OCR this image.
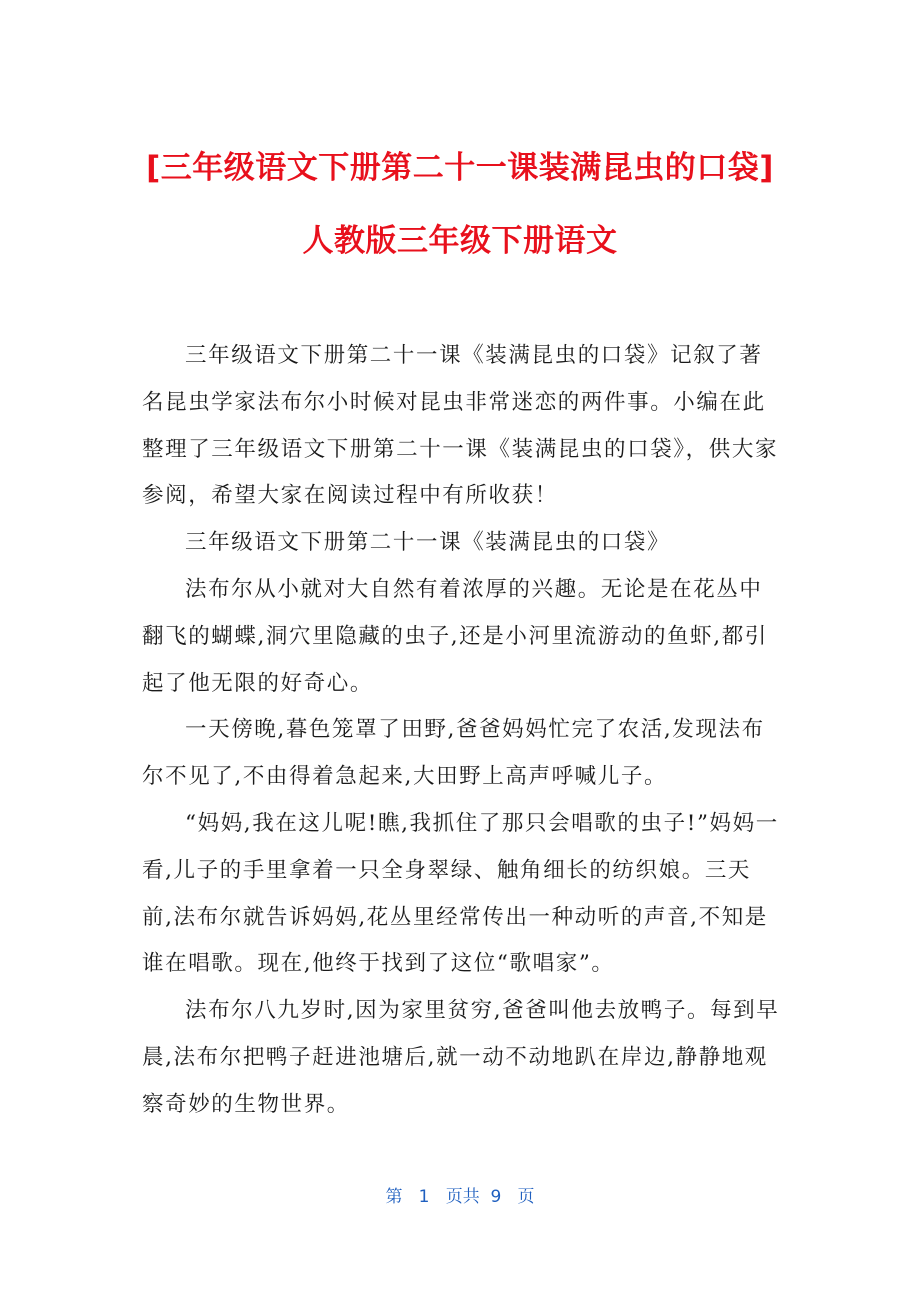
[三年级语文下册第二十一课装满昆虫的口袋]
人教版三年级下册语文

三年级语文下册第二十一课《装满昆虫的口袋》记叙了著名昆虫学家法布尔小时候对昆虫非常迷恋的两件事。小编在此整理了三年级语文下册第二十一课《装满昆虫的口袋》，供大家参阅，希望大家在阅读过程中有所收获！

三年级语文下册第二十一课《装满昆虫的口袋》

法布尔从小就对大自然有着浓厚的兴趣。无论是在花丛中翻飞的蝴蝶,洞穴里隐藏的虫子,还是小河里流游动的鱼虾,都引起了他无限的好奇心。

一天傍晚,暮色笼罩了田野,爸爸妈妈忙完了农活,发现法布尔不见了,不由得着急起来,大田野上高声呼喊儿子。

“妈妈,我在这儿呢!瞧,我抓住了那只会唱歌的虫子!”妈妈一看,儿子的手里拿着一只全身翠绿、触角细长的纺织娘。三天前,法布尔就告诉妈妈,花丛里经常传出一种动听的声音,不知是谁在唱歌。现在,他终于找到了这位“歌唱家”。

法布尔八九岁时,因为家里贫穷,爸爸叫他去放鸭子。每到早晨,法布尔把鸭子赶进池塘后,就一动不动地趴在岸边,静静地观察奇妙的生物世界。

第   1   页共  9   页
